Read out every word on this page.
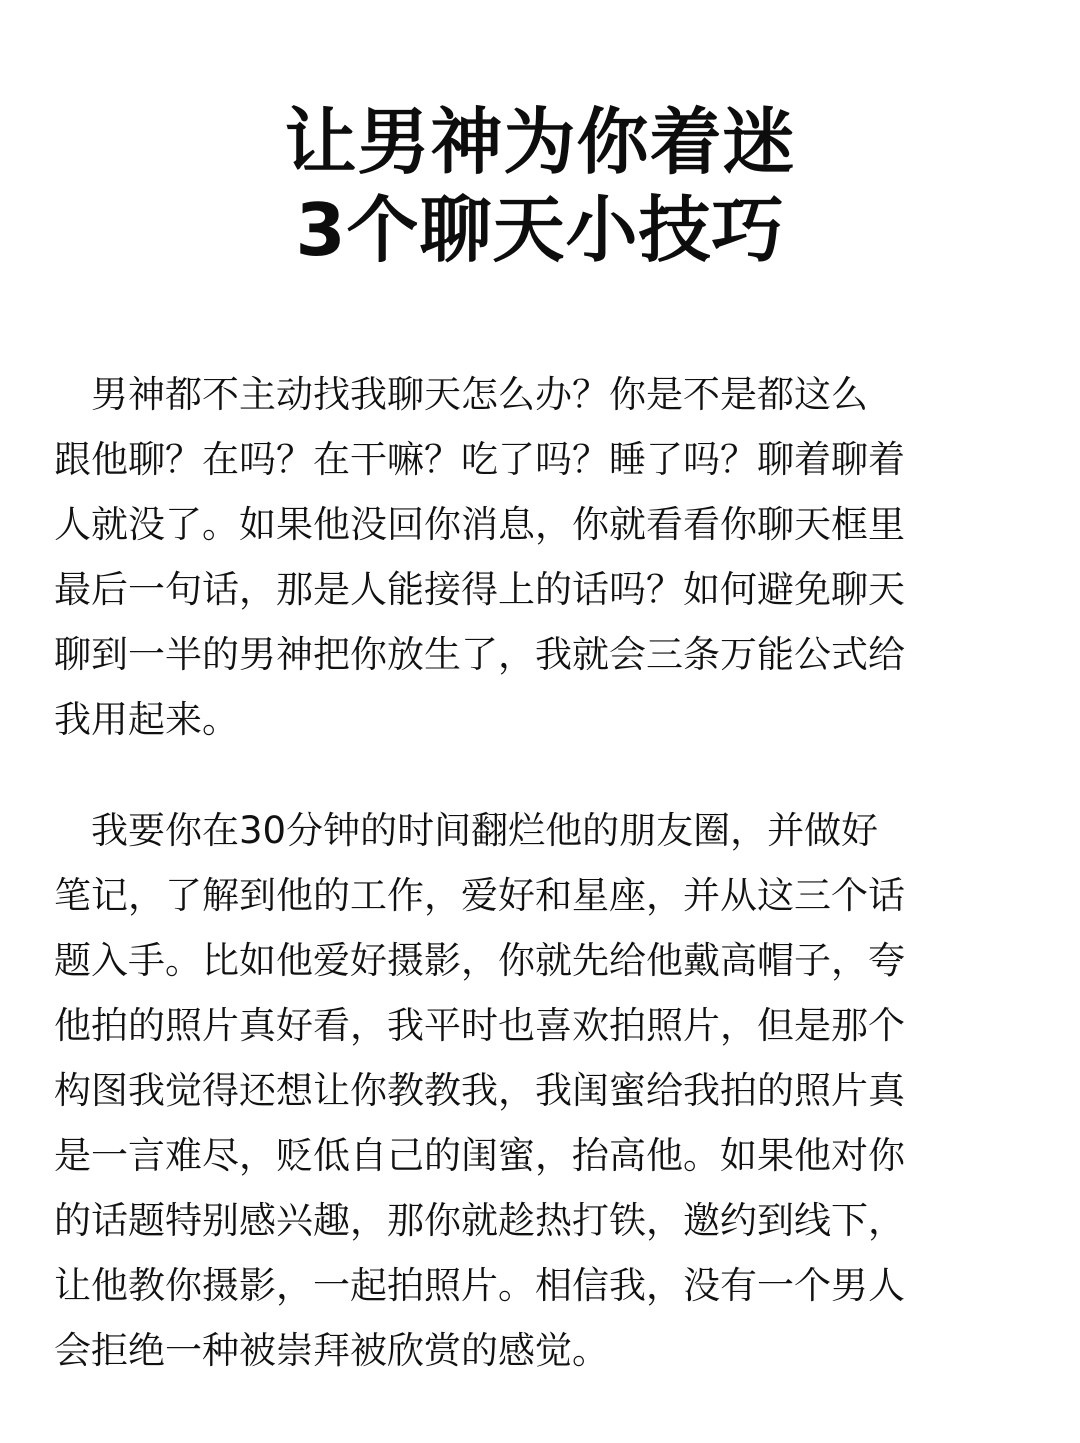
让男神为你着迷
3个聊天小技巧
　男神都不主动找我聊天怎么办？你是不是都这么
跟他聊？在吗？在干嘛？吃了吗？睡了吗？聊着聊着
人就没了。如果他没回你消息，你就看看你聊天框里
最后一句话，那是人能接得上的话吗？如何避免聊天
聊到一半的男神把你放生了，我就会三条万能公式给
我用起来。
　我要你在30分钟的时间翻烂他的朋友圈，并做好
笔记，了解到他的工作，爱好和星座，并从这三个话
题入手。比如他爱好摄影，你就先给他戴高帽子，夸
他拍的照片真好看，我平时也喜欢拍照片，但是那个
构图我觉得还想让你教教我，我闺蜜给我拍的照片真
是一言难尽，贬低自己的闺蜜，抬高他。如果他对你
的话题特别感兴趣，那你就趁热打铁，邀约到线下，
让他教你摄影，一起拍照片。相信我，没有一个男人
会拒绝一种被崇拜被欣赏的感觉。
